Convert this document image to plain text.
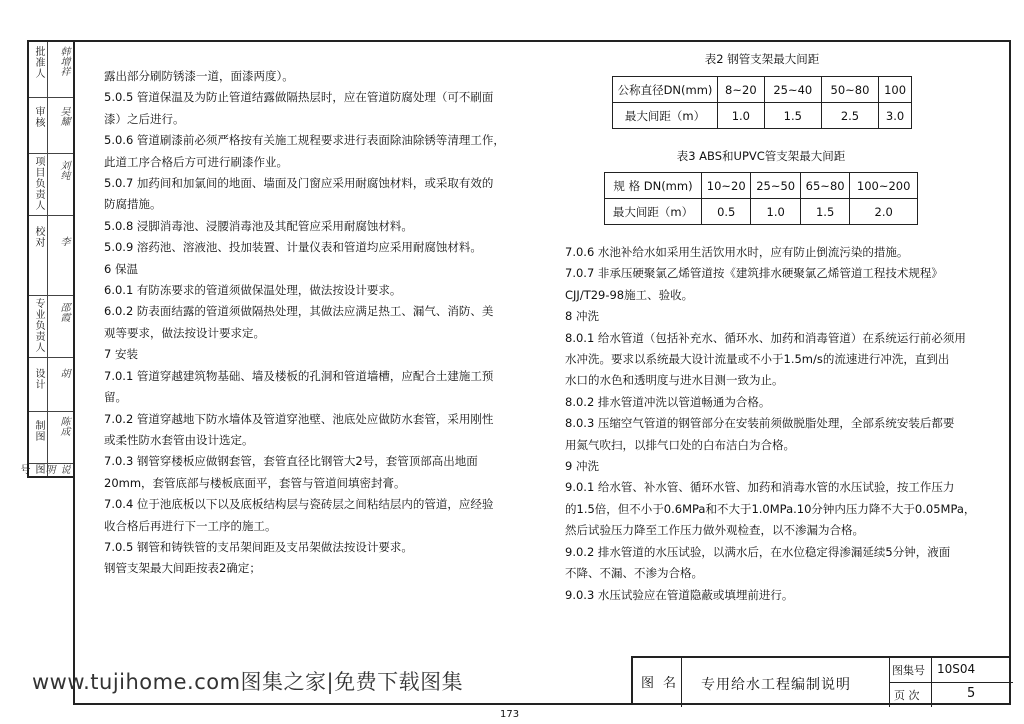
批准人	韩增祥
审核	吴耀
项目负责人	刘纯
校对	李
专业负责人	邵霞
设计	胡
制图	陈成
图号	说明
露出部分刷防锈漆一道，面漆两度）。
5.0.5 管道保温及为防止管道结露做隔热层时，应在管道防腐处理（可不刷面
漆）之后进行。
5.0.6 管道刷漆前必须严格按有关施工规程要求进行表面除油除锈等清理工作，
此道工序合格后方可进行刷漆作业。
5.0.7 加药间和加氯间的地面、墙面及门窗应采用耐腐蚀材料，或采取有效的
防腐措施。
5.0.8 浸脚消毒池、浸腰消毒池及其配管应采用耐腐蚀材料。
5.0.9 溶药池、溶液池、投加装置、计量仪表和管道均应采用耐腐蚀材料。
6 保温
6.0.1 有防冻要求的管道须做保温处理，做法按设计要求。
6.0.2 防表面结露的管道须做隔热处理，其做法应满足热工、漏气、消防、美
观等要求，做法按设计要求定。
7 安装
7.0.1 管道穿越建筑物基础、墙及楼板的孔洞和管道墙槽，应配合土建施工预
留。
7.0.2 管道穿越地下防水墙体及管道穿池壁、池底处应做防水套管，采用刚性
或柔性防水套管由设计选定。
7.0.3 钢管穿楼板应做钢套管，套管直径比钢管大2号，套管顶部高出地面
20mm，套管底部与楼板底面平，套管与管道间填密封膏。
7.0.4 位于池底板以下以及底板结构层与瓷砖层之间粘结层内的管道，应经验
收合格后再进行下一工序的施工。
7.0.5 钢管和铸铁管的支吊架间距及支吊架做法按设计要求。
钢管支架最大间距按表2确定；
表2 钢管支架最大间距
公称直径DN(mm)	8~20	25~40	50~80	100
最大间距（m）	1.0	1.5	2.5	3.0
表3 ABS和UPVC管支架最大间距
规 格 DN(mm)	10~20	25~50	65~80	100~200
最大间距（m）	0.5	1.0	1.5	2.0
7.0.6 水池补给水如采用生活饮用水时，应有防止倒流污染的措施。
7.0.7 非承压硬聚氯乙烯管道按《建筑排水硬聚氯乙烯管道工程技术规程》
CJJ/T29-98施工、验收。
8 冲洗
8.0.1 给水管道（包括补充水、循环水、加药和消毒管道）在系统运行前必须用
水冲洗。要求以系统最大设计流量或不小于1.5m/s的流速进行冲洗，直到出
水口的水色和透明度与进水目测一致为止。
8.0.2 排水管道冲洗以管道畅通为合格。
8.0.3 压缩空气管道的钢管部分在安装前须做脱脂处理，全部系统安装后都要
用氮气吹扫，以排气口处的白布洁白为合格。
9 冲洗
9.0.1 给水管、补水管、循环水管、加药和消毒水管的水压试验，按工作压力
的1.5倍，但不小于0.6MPa和不大于1.0MPa.10分钟内压力降不大于0.05MPa，
然后试验压力降至工作压力做外观检查，以不渗漏为合格。
9.0.2 排水管道的水压试验，以满水后，在水位稳定得渗漏延续5分钟，液面
不降、不漏、不渗为合格。
9.0.3 水压试验应在管道隐蔽或填埋前进行。
www.tujihome.com图集之家|免费下载图集	图 名 专用给水工程编制说明
图集号 10S04
页 次	5
173
